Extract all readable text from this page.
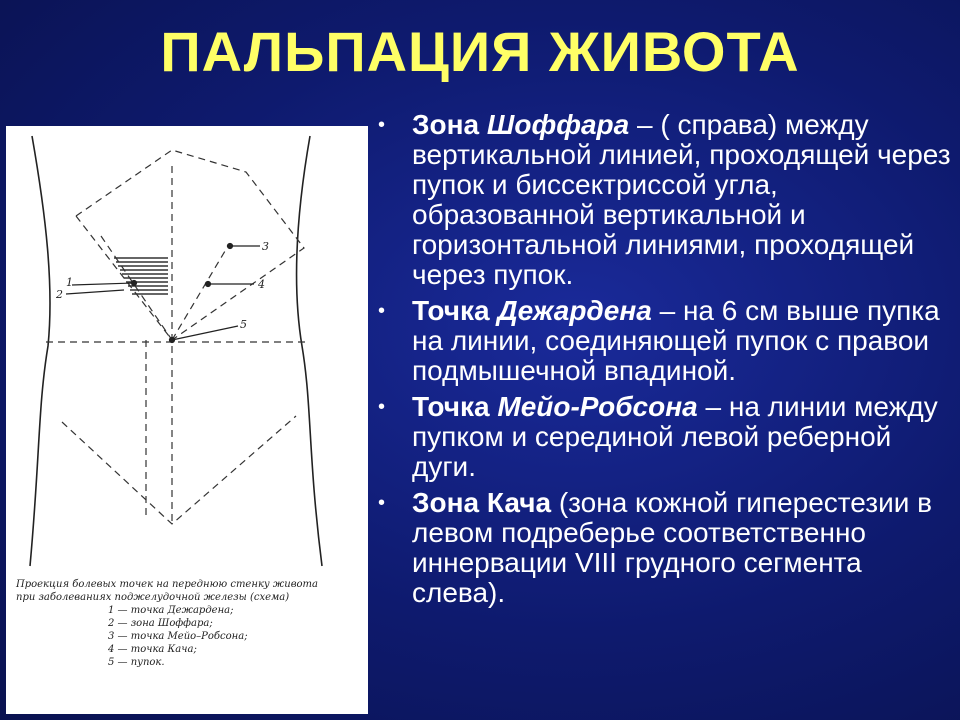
ПАЛЬПАЦИЯ ЖИВОТА
1
2
3
4
5
Проекция болевых точек на переднюю стенку живота
при заболеваниях поджелудочной железы (схема)
1 — точка Дежардена;
2 — зона Шоффара;
3 — точка Мейо–Робсона;
4 — точка Кача;
5 — пупок.
• Зона Шоффара – ( справа) между вертикальной линией, проходящей через пупок и биссектриссой угла, образованной вертикальной и горизонтальной линиями, проходящей через пупок.
• Точка Дежардена – на 6 см выше пупка на линии, соединяющей пупок с правои подмышечной впадиной.
• Точка Мейо-Робсона – на линии между пупком и серединой левой реберной дуги.
• Зона Кача (зона кожной гиперестезии в левом подреберье соответственно иннервации VIII грудного сегмента слева).
